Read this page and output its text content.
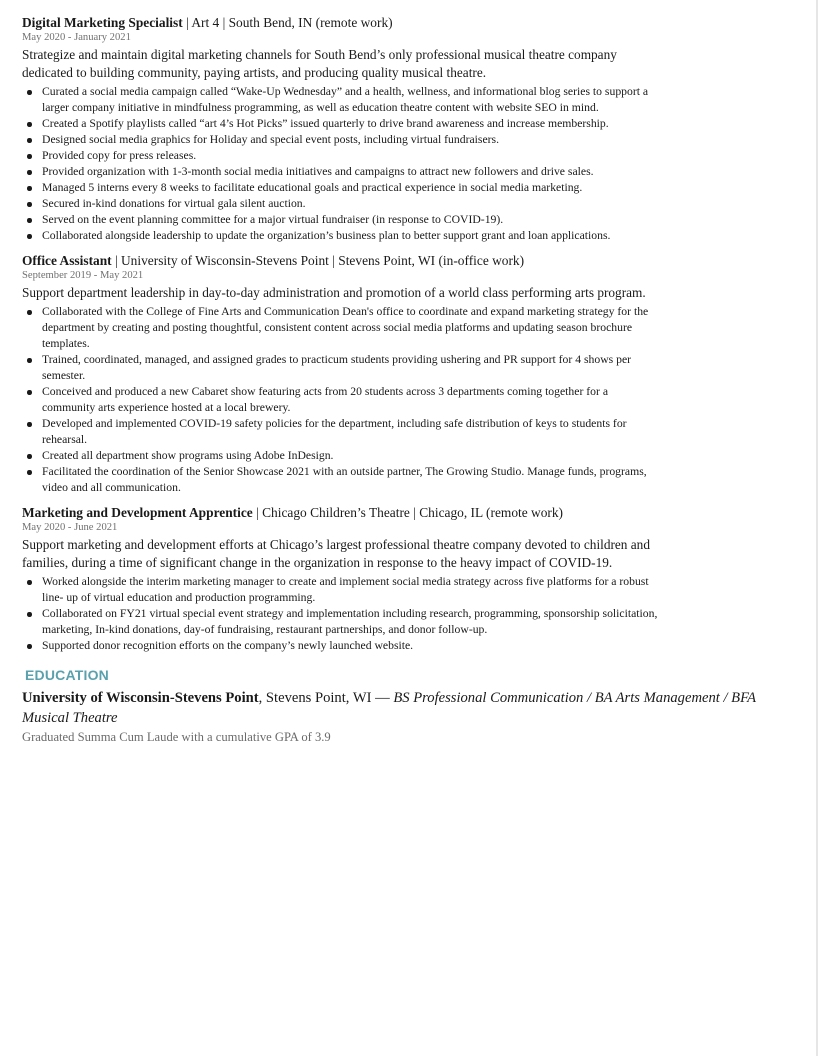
Digital Marketing Specialist | Art 4 | South Bend, IN (remote work)
May 2020 - January 2021
Strategize and maintain digital marketing channels for South Bend’s only professional musical theatre company dedicated to building community, paying artists, and producing quality musical theatre.
Curated a social media campaign called “Wake-Up Wednesday” and a health, wellness, and informational blog series to support a larger company initiative in mindfulness programming, as well as education theatre content with website SEO in mind.
Created a Spotify playlists called “art 4’s Hot Picks” issued quarterly to drive brand awareness and increase membership.
Designed social media graphics for Holiday and special event posts, including virtual fundraisers.
Provided copy for press releases.
Provided organization with 1-3-month social media initiatives and campaigns to attract new followers and drive sales.
Managed 5 interns every 8 weeks to facilitate educational goals and practical experience in social media marketing.
Secured in-kind donations for virtual gala silent auction.
Served on the event planning committee for a major virtual fundraiser (in response to COVID-19).
Collaborated alongside leadership to update the organization’s business plan to better support grant and loan applications.
Office Assistant | University of Wisconsin-Stevens Point | Stevens Point, WI (in-office work)
September 2019 - May 2021
Support department leadership in day-to-day administration and promotion of a world class performing arts program.
Collaborated with the College of Fine Arts and Communication Dean's office to coordinate and expand marketing strategy for the department by creating and posting thoughtful, consistent content across social media platforms and updating season brochure templates.
Trained, coordinated, managed, and assigned grades to practicum students providing ushering and PR support for 4 shows per semester.
Conceived and produced a new Cabaret show featuring acts from 20 students across 3 departments coming together for a community arts experience hosted at a local brewery.
Developed and implemented COVID-19 safety policies for the department, including safe distribution of keys to students for rehearsal.
Created all department show programs using Adobe InDesign.
Facilitated the coordination of the Senior Showcase 2021 with an outside partner, The Growing Studio. Manage funds, programs, video and all communication.
Marketing and Development Apprentice | Chicago Children’s Theatre | Chicago, IL (remote work)
May 2020 - June 2021
Support marketing and development efforts at Chicago’s largest professional theatre company devoted to children and families, during a time of significant change in the organization in response to the heavy impact of COVID-19.
Worked alongside the interim marketing manager to create and implement social media strategy across five platforms for a robust line- up of virtual education and production programming.
Collaborated on FY21 virtual special event strategy and implementation including research, programming, sponsorship solicitation, marketing, In-kind donations, day-of fundraising, restaurant partnerships, and donor follow-up.
Supported donor recognition efforts on the company’s newly launched website.
EDUCATION
University of Wisconsin-Stevens Point, Stevens Point, WI — BS Professional Communication / BA Arts Management / BFA Musical Theatre
Graduated Summa Cum Laude with a cumulative GPA of 3.9
